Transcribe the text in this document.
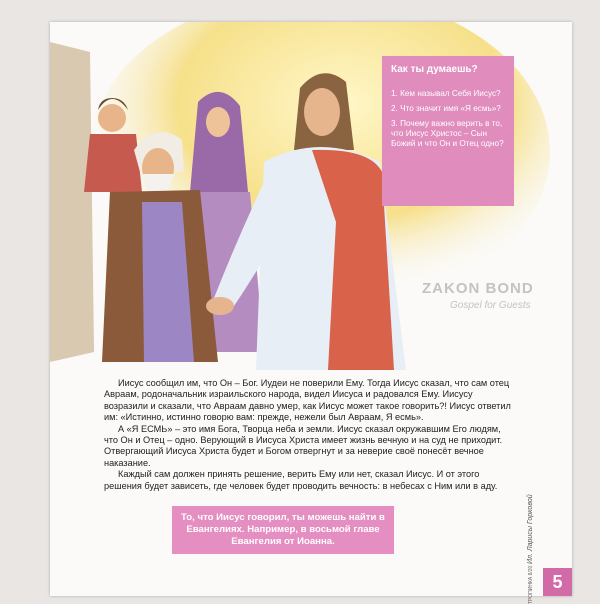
ZAKON BOND
Gospel for Guests
Как ты думаешь?
1. Кем называл Себя Иисус?
2. Что значит имя «Я есмь»?
3. Почему важно верить в то, что Иисус Христос – Сын Божий и что Он и Отец одно?

Иисус сообщил им, что Он – Бог. Иудеи не поверили Ему. Тогда Иисус сказал, что сам отец Авраам, родоначальник израильского народа, видел Иисуса и радовался Ему. Иисусу возразили и сказали, что Авраам давно умер, как Иисус может такое говорить?! Иисус ответил им: «Истинно, истинно говорю вам: прежде, нежели был Авраам, Я есмь».

А «Я ЕСМЬ» – это имя Бога, Творца неба и земли. Иисус сказал окружавшим Его людям, что Он и Отец – одно. Верующий в Иисуса Христа имеет жизнь вечную и на суд не приходит. Отвергающий Иисуса Христа будет и Богом отвергнут и за неверие своё понесёт вечное наказание.

Каждый сам должен принять решение, верить Ему или нет, сказал Иисус. И от этого решения будет зависеть, где человек будет проводить вечность: в небесах с Ним или в аду.

То, что Иисус говорил, ты можешь найти в Евангелиях. Например, в восьмой главе Евангелия от Иоанна.	Ил. Ларисы Горковой
ТРОПИНКА 8/20	5
